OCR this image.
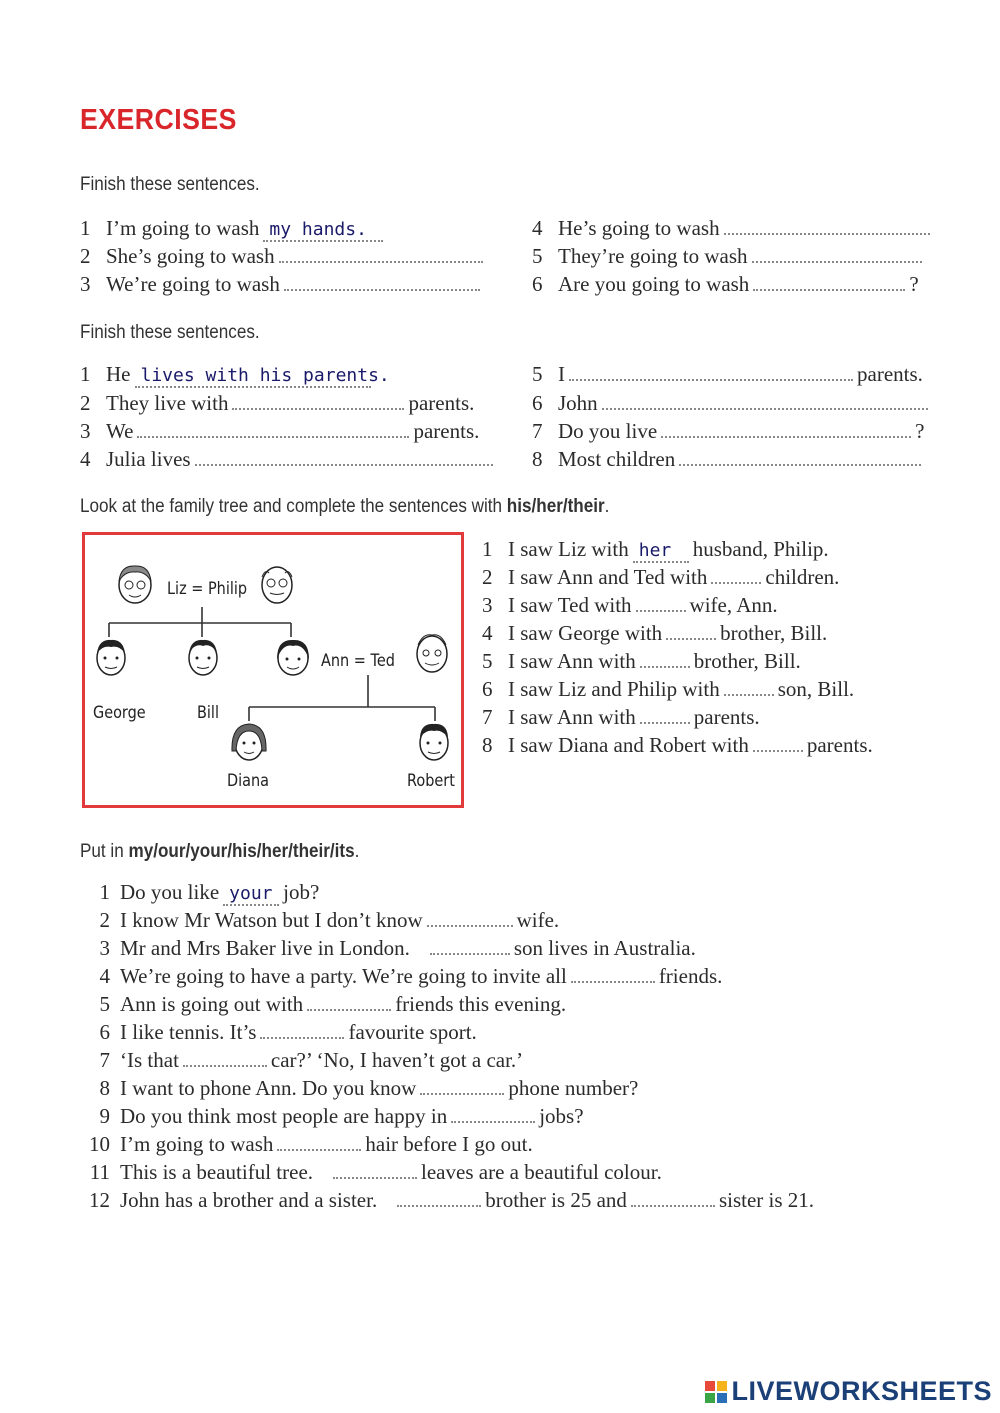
EXERCISES
Finish these sentences.
1 I’m going to wash my hands.
2 She’s going to wash
3 We’re going to wash
4 He’s going to wash
5 They’re going to wash
6 Are you going to wash	?
Finish these sentences.
1 He lives with his parents.
2 They live with	parents.
3 We	parents.
4 Julia lives
5 I	parents.
6 John
7 Do you live	?
8 Most children
Look at the family tree and complete the sentences with his/her/their.
Liz = Philip
George	Bill
Ann = Ted
Diana	Robert
1 I saw Liz with her husband, Philip.
2 I saw Ann and Ted with	children.
3 I saw Ted with	wife, Ann.
4 I saw George with	brother, Bill.
5 I saw Ann with	brother, Bill.
6 I saw Liz and Philip with	son, Bill.
7 I saw Ann with	parents.
8 I saw Diana and Robert with	parents.
Put in my/our/your/his/her/their/its.
1 Do you like your job?
2 I know Mr Watson but I don’t know	wife.
3 Mr and Mrs Baker live in London.	son lives in Australia.
4 We’re going to have a party. We’re going to invite all	friends.
5 Ann is going out with	friends this evening.
6 I like tennis. It’s	favourite sport.
7 ‘Is that	car?’ ‘No, I haven’t got a car.’
8 I want to phone Ann. Do you know	phone number?
9 Do you think most people are happy in	jobs?
10 I’m going to wash	hair before I go out.
11 This is a beautiful tree.	leaves are a beautiful colour.
12 John has a brother and a sister.	brother is 25 and	sister is 21.
LIVEWORKSHEETS
